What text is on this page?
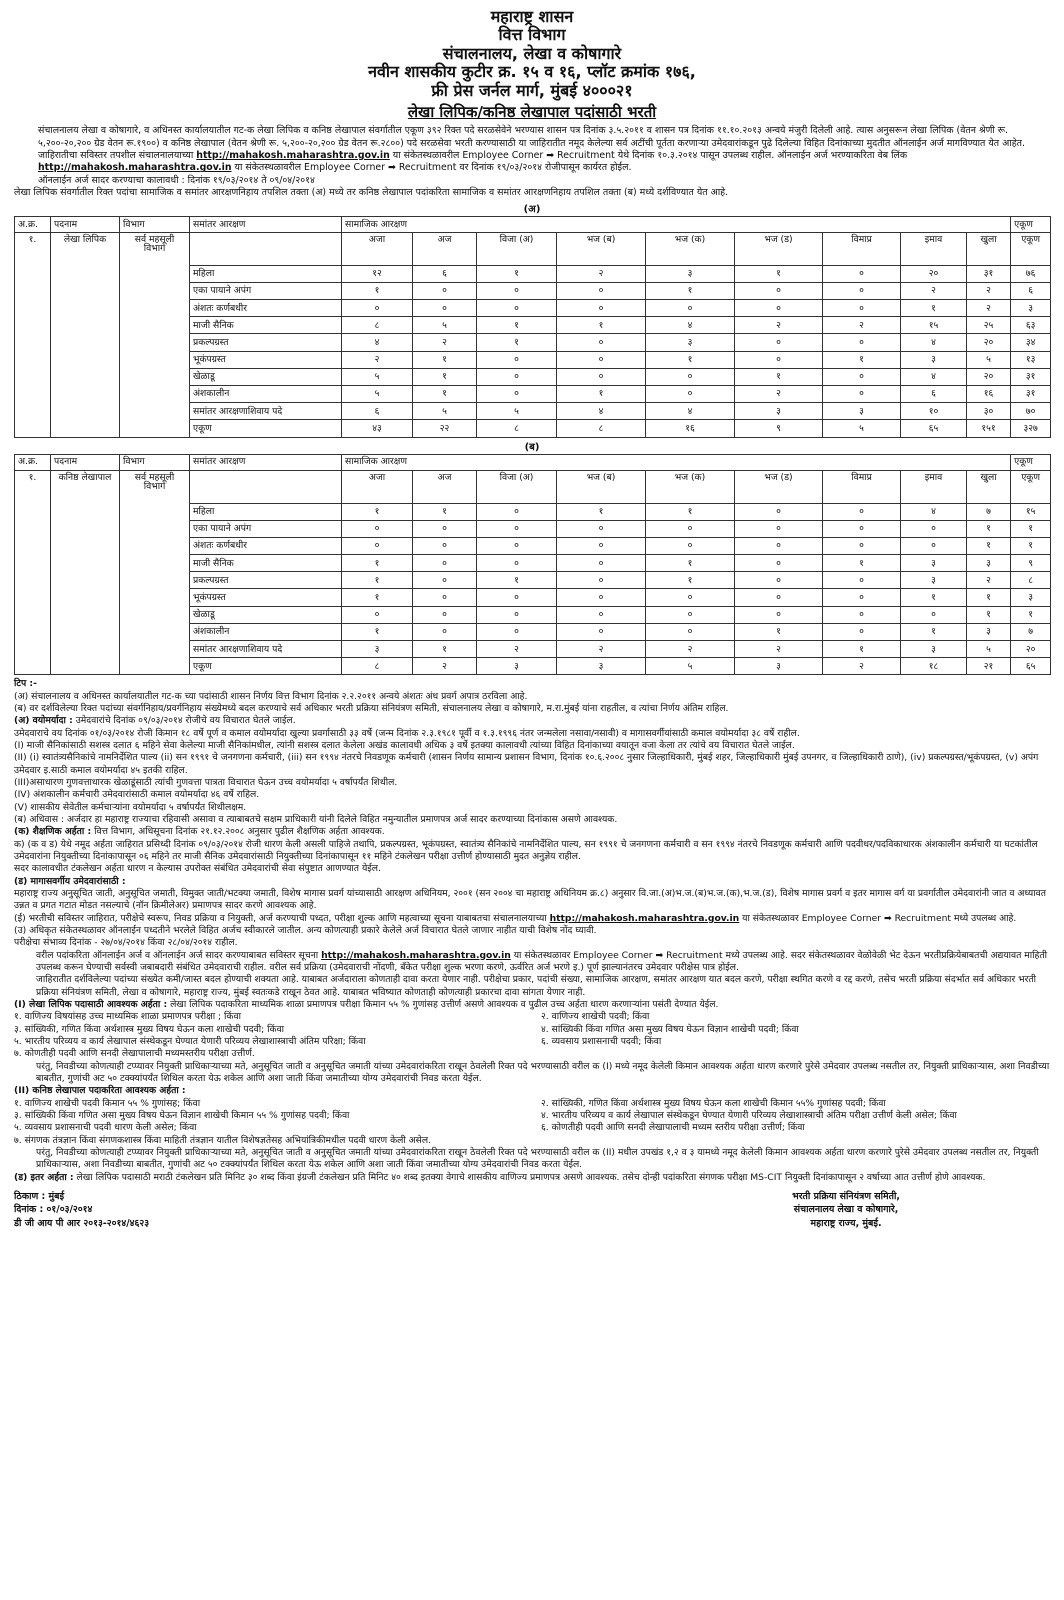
महाराष्ट्र शासन
वित्त विभाग
संचालनालय, लेखा व कोषागारे
नवीन शासकीय कुटीर क्र. १५ व १६, प्लॉट क्रमांक १७६,
फ्री प्रेस जर्नल मार्ग, मुंबई ४०००२१
लेखा लिपिक/कनिष्ठ लेखापाल पदांसाठी भरती

संचालनालय लेखा व कोषागारे, व अधिनस्त कार्यालयातील गट-क लेखा लिपिक व कनिष्ठ लेखापाल संवर्गातील एकूण ३९२ रिक्त पदे सरळसेवेने भरण्यास शासन पत्र दिनांक ३.५.२०११ व शासन पत्र दिनांक ११.१०.२०१३ अन्वये मंजुरी दिलेली आहे. त्यास अनुसरून लेखा लिपिक (वेतन श्रेणी रू. ५,२००-२०,२०० ग्रेड वेतन रू.१९००) व कनिष्ठ लेखापाल (वेतन श्रेणी रू. ५,२००-२०,२०० ग्रेड वेतन रू.२८००) पदे सरळसेवा भरती करण्यासाठी या जाहिरातीत नमूद केलेल्या सर्व अटींची पूर्तता करणाऱ्या उमेदवारांकडून पुढे दिलेल्या विहित दिनांकाच्या मुदतीत ऑनलाईन अर्ज मागविण्यात येत आहेत.

जाहिरातीचा सविस्तर तपशील संचालनालयाच्या http://mahakosh.maharashtra.gov.in या संकेतस्थळावरील Employee Corner ➡ Recruitment येथे दिनांक १०.३.२०१४ पासून उपलब्ध राहील. ऑनलाईन अर्ज भरण्याकरिता वेब लिंक http://mahakosh.maharashtra.gov.in या संकेतस्थळावरील Employee Corner ➡ Recruitment वर दिनांक १९/०३/२०१४ रोजीपासून कार्यरत होईल.

ऑनलाईन अर्ज सादर करण्याचा कालावधी : दिनांक १९/०३/२०१४ ते ०९/०४/२०१४

लेखा लिपिक संवर्गातील रिक्त पदांचा सामाजिक व समांतर आरक्षणनिहाय तपशिल तक्ता (अ) मध्ये तर कनिष्ठ लेखापाल पदांकरिता सामाजिक व समांतर आरक्षणनिहाय तपशिल तक्ता (ब) मध्ये दर्शविण्यात येत आहे.

(अ)
अ.क्र.	पदनाम	विभाग	समांतर आरक्षण	सामाजिक आरक्षण									एकूण
१.	लेखा लिपिक	सर्व महसूली विभाग		अजा	अज	विजा (अ)	भज (ब)	भज (क)	भज (ड)	विमाप्र	इमाव	खुला	एकूण
			महिला	१२	६	१	२	३	१	०	२०	३१	७६
			एका पायाने अपंग	१	०	०	०	१	०	०	२	२	६
			अंशतः कर्णबधीर	०	०	०	०	०	०	०	१	२	३
			माजी सैनिक	८	५	१	१	४	२	२	१५	२५	६३
			प्रकल्पग्रस्त	४	२	१	०	३	०	०	४	२०	३४
			भूकंपग्रस्त	२	१	०	०	१	०	१	३	५	१३
			खेळाडू	५	१	०	०	०	१	०	४	२०	३१
			अंशकालीन	५	१	०	१	०	२	०	६	१६	३१
			समांतर आरक्षणाशिवाय पदे	६	५	५	४	४	३	३	१०	३०	७०
			एकूण	४३	२२	८	८	१६	९	५	६५	१५१	३२७
(ब)
अ.क्र.	पदनाम	विभाग	समांतर आरक्षण	सामाजिक आरक्षण									एकूण
१.	कनिष्ठ लेखापाल	सर्व महसूली विभाग		अजा	अज	विजा (अ)	भज (ब)	भज (क)	भज (ड)	विमाप्र	इमाव	खुला	एकूण
			महिला	१	१	०	१	१	०	०	४	७	१५
			एका पायाने अपंग	०	०	०	०	०	०	०	०	१	१
			अंशतः कर्णबधीर	०	०	०	०	०	०	०	०	१	१
			माजी सैनिक	१	०	०	०	१	०	१	३	३	९
			प्रकल्पग्रस्त	१	०	१	०	१	०	०	३	२	८
			भूकंपग्रस्त	१	०	०	०	०	०	०	१	१	३
			खेळाडू	०	०	०	०	०	०	०	०	१	१
			अंशकालीन	१	०	०	०	०	१	०	१	३	७
			समांतर आरक्षणाशिवाय पदे	३	१	२	२	२	२	१	३	५	२०
			एकूण	८	२	३	३	५	३	२	१८	२१	६५

टिप :-

(अ) संचालनालय व अधिनस्त कार्यालयातील गट-क च्या पदांसाठी शासन निर्णय वित्त विभाग दिनांक २.२.२०११ अन्वये अंशतः अंध प्रवर्ग अपात्र ठरविला आहे.

(ब) वर दर्शविलेल्या रिक्त पदांच्या संवर्गनिहाय/प्रवर्गनिहाय संख्येमध्ये बदल करण्याचे सर्व अधिकार भरती प्रक्रिया संनियंत्रण समिती, संचालनालय लेखा व कोषागारे, म.रा.मुंबई यांना राहतील, व त्यांचा निर्णय अंतिम राहिल.

(अ) वयोमर्यादा : उमेदवारांचे दिनांक ०९/०३/२०१४ रोजीचे वय विचारात घेतले जाईल.

उमेदवाराचे वय दिनांक ०१/०३/२०१४ रोजी किमान १८ वर्षे पूर्ण व कमाल वयोमर्यादा खुल्या प्रवर्गासाठी ३३ वर्षे (जन्म दिनांक २.३.१९८१ पूर्वी व १.३.१९९६ नंतर जन्मलेला नसावा/नसावी) व मागासवर्गीयांसाठी कमाल वयोमर्यादा ३८ वर्षे राहील.

(I) माजी सैनिकांसाठी सशस्त्र दलात ६ महिने सेवा केलेल्या माजी सैनिकांमधील, त्यांनी सशस्त्र दलात केलेला अखंड कालावधी अधिक ३ वर्षे इतक्या कालावधी त्यांच्या विहित दिनांकाच्या वयातून वजा केला तर त्यांचे वय विचारात घेतले जाईल.

(II) (i) स्वातंत्र्यसैनिकांचे नामनिर्देशित पाल्य (ii) सन १९९१ चे जनगणना कर्मचारी, (iii) सन १९९४ नंतरचे निवडणूक कर्मचारी (शासन निर्णय सामान्य प्रशासन विभाग, दिनांक १०.६.२००८ नुसार जिल्हाधिकारी, मुंबई शहर, जिल्हाधिकारी मुंबई उपनगर, व जिल्हाधिकारी ठाणे), (iv) प्रकल्पग्रस्त/भूकंपग्रस्त, (v) अपंग उमेदवार इ.साठी कमाल वयोमर्यादा ४५ इतकी राहिल.

(III)असाधारण गुणवत्ताधारक खेळाडूंसाठी त्यांची गुणवत्ता पात्रता विचारात घेऊन उच्च वयोमर्यादा ५ वर्षापर्यंत शिथील.

(IV) अंशकालीन कर्मचारी उमेदवारांसाठी कमाल वयोमर्यादा ४६ वर्षे राहिल.

(V) शासकीय सेवेतील कर्मचाऱ्यांना वयोमर्यादा ५ वर्षापर्यंत शिथीलक्षम.

(ब) अधिवास : अर्जदार हा महाराष्ट्र राज्याचा रहिवासी असावा व त्याबाबतचे सक्षम प्राधिकारी यांनी दिलेले विहित नमुन्यातील प्रमाणपत्र अर्ज सादर करण्याच्या दिनांकास असणे आवश्यक.

(क) शैक्षणिक अर्हता : वित्त विभाग, अधिसूचना दिनांक २१.१२.२००८ अनुसार पुढील शैक्षणिक अर्हता आवश्यक.

क) (क व ड) येथे नमूद अर्हता जाहिरात प्रसिध्दी दिनांक ०९/०३/२०१४ रोजी धारण केली असली पाहिजे तथापि, प्रकल्पग्रस्त, भूकंपग्रस्त, स्वातंत्र्य सैनिकांचे नामनिर्देशित पाल्य, सन १९९१ चे जनगणना कर्मचारी व सन १९९४ नंतरचे निवडणूक कर्मचारी आणि पदवीधर/पदविकाधारक अंशकालीन कर्मचारी या घटकांतील उमेदवारांना नियुक्तीच्या दिनांकापासून ०६ महिने तर माजी सैनिक उमेदवारांसाठी नियुक्तीच्या दिनांकापासून ११ महिने टंकलेखन परीक्षा उत्तीर्ण होण्यासाठी मुदत अनुज्ञेय राहील.

सदर कालावधीत टंकलेखन अर्हता धारण न केल्यास उपरोक्त संबंधित उमेदवारांची सेवा संपुष्टात आणण्यात येईल.

(ड) मागासवर्गीय उमेदवारांसाठी :

महाराष्ट्र राज्य अनुसूचित जाती, अनुसूचित जमाती, विमुक्त जाती/भटक्या जमाती, विशेष मागास प्रवर्ग यांच्यासाठी आरक्षण अधिनियम, २००१ (सन २००४ चा महाराष्ट्र अधिनियम क्र.८) अनुसार वि.जा.(अ)भ.ज.(ब)भ.ज.(क),भ.ज.(ड), विशेष मागास प्रवर्ग व इतर मागास वर्ग या प्रवर्गातील उमेदवारांनी जात व अध्यावत उन्नत व प्रगत गटात मोडत नसल्याचे (नॉन क्रिमीलेअर) प्रमाणपत्र सादर करणे आवश्यक आहे.

(ई) भरतीची सविस्तर जाहिरात, परीक्षेचे स्वरूप, निवड प्रक्रिया व नियुक्ती, अर्ज करण्याची पध्दत, परीक्षा शुल्क आणि महत्वाच्या सूचना याबाबतचा संचालनालयाच्या http://mahakosh.maharashtra.gov.in या संकेतस्थळावर Employee Corner ➡ Recruitment मध्ये उपलब्ध आहे.

(उ) अधिकृत संकेतस्थळावर ऑनलाईन पध्दतीने भरलेले विहित अर्जच स्वीकारले जातील. अन्य कोणत्याही प्रकारे केलेले अर्ज विचारात घेतले जाणार नाहीत याची विशेष नोंद घ्यावी.

परीक्षेचा संभाव्य दिनांक - २७/०४/२०१४ किंवा २८/०४/२०१४ राहील.

वरील पदांकरिता ऑनलाईन अर्ज व ऑनलाईन अर्ज सादर करण्याबाबत सविस्तर सूचना http://mahakosh.maharashtra.gov.in या संकेतस्थळावर Employee Corner ➡ Recruitment मध्ये उपलब्ध आहे. सदर संकेतस्थळावर वेळोवेळी भेट देऊन भरतीप्रक्रियेबाबतची अद्ययावत माहिती उपलब्ध करून घेण्याची सर्वस्वी जबाबदारी संबंधित उमेदवाराची राहील. वरील सर्व प्रक्रिया (उमेदवाराची नोंदणी, बँकेत परीक्षा शुल्क भरणा करणे, ऊर्वरित अर्ज भरणे इ.) पूर्ण झाल्यानंतरच उमेदवार परीक्षेस पात्र होईल.

जाहिरातीत दर्शविलेल्या पदांच्या संख्येत कमी/जास्त बदल होण्याची शक्यता आहे. याबाबत अर्जदाराला कोणताही दावा करता येणार नाही. परीक्षेचा प्रकार, पदांची संख्या, सामाजिक आरक्षण, समांतर आरक्षण यात बदल करणे, परीक्षा स्थगित करणे व रद्द करणे, तसेच भरती प्रक्रिया संदर्भात सर्व अधिकार भरती प्रक्रिया संनियंत्रण समिती, लेखा व कोषागारे, महाराष्ट्र राज्य, मुंबई स्वतःकडे राखून ठेवत आहे. याबाबत भविष्यात कोणताही कोणत्याही प्रकारचा दावा सांगता येणार नाही.

(I) लेखा लिपिक पदासाठी आवश्यक अर्हता : लेखा लिपिक पदाकरिता माध्यमिक शाळा प्रमाणपत्र परीक्षा किमान ५५ % गुणांसह उत्तीर्ण असणे आवश्यक व पुढील उच्च अर्हता धारण करणाऱ्यांना पसंती देण्यात येईल.

१. वाणिज्य विषयांसह उच्च माध्यमिक शाळा प्रमाणपत्र परीक्षा ; किंवा	२. वाणिज्य शाखेची पदवी; किंवा
३. सांख्यिकी, गणित किंवा अर्थशास्त्र मुख्य विषय घेऊन कला शाखेची पदवी; किंवा	४. सांख्यिकी किंवा गणित असा मुख्य विषय घेऊन विज्ञान शाखेची पदवी; किंवा
५. भारतीय परिव्यय व कार्य लेखापाल संस्थेकडून घेण्यात येणारी परिव्यय लेखाशास्त्राची अंतिम परिक्षा; किंवा	६. व्यवसाय प्रशासनाची पदवी; किंवा
७. कोणतीही पदवी आणि सनदी लेखापालाची मध्यमस्तरीय परीक्षा उत्तीर्ण.

परंतु, निवडीच्या कोणत्याही टप्प्यावर नियुक्ती प्राधिकाऱ्याच्या मते, अनुसूचित जाती व अनुसूचित जमाती यांच्या उमेदवारांकरिता राखून ठेवलेली रिक्त पदे भरण्यासाठी वरील क (I) मध्ये नमूद केलेली किमान आवश्यक अर्हता धारण करणारे पुरेसे उमेदवार उपलब्ध नसतील तर, नियुक्ती प्राधिकाऱ्यास, अशा निवडीच्या बाबतीत, गुणांची अट ५० टक्क्यांपर्यंत शिथिल करता येऊ शकेल आणि अशा जाती किंवा जमातीच्या योग्य उमेदवारांची निवड करता येईल.

(II) कनिष्ठ लेखापाल पदाकरिता आवश्यक अर्हता :

१. वाणिज्य शाखेची पदवी किमान ५५ % गुणांसह; किंवा	२. सांख्यिकी, गणित किंवा अर्थशास्त्र मुख्य विषय घेऊन कला शाखेची किमान ५५% गुणांसह पदवी; किंवा
३. सांख्यिकी किंवा गणित असा मुख्य विषय घेऊन विज्ञान शाखेची किमान ५५ % गुणांसह पदवी; किंवा	४. भारतीय परिव्यय व कार्य लेखापाल संस्थेकडून घेण्यात येणारी परिव्यय लेखाशास्त्राची अंतिम परीक्षा उत्तीर्ण केली असेल; किंवा
५. व्यवसाय प्रशासनाची पदवी धारण केली असेल; किंवा	६. कोणतीही पदवी आणि सनदी लेखापालाची मध्यम स्तरीय परीक्षा उत्तीर्ण; किंवा

७. संगणक तंत्रज्ञान किंवा संगणकशास्त्र किंवा माहिती तंत्रज्ञान यातील विशेषज्ञतेसह अभियांत्रिकीमधील पदवी धारण केली असेल.

परंतु, निवडीच्या कोणत्याही टप्प्यावर नियुक्ती प्राधिकाऱ्याच्या मते, अनुसूचित जाती व अनुसूचित जमाती यांच्या उमेदवारांकरिता राखून ठेवलेली रिक्त पदे भरण्यासाठी वरील क (II) मधील उपखंड १,२ व ३ यामध्ये नमूद केलेली किमान आवश्यक अर्हता धारण करणारे पुरेसे उमेदवार उपलब्ध नसतील तर, नियुक्ती प्राधिकाऱ्यास, अशा निवडीच्या बाबतीत, गुणांची अट ५० टक्क्यांपर्यंत शिथिल करता येऊ शकेल आणि अशा जाती किंवा जमातीच्या योग्य उमेदवारांची निवड करता येईल.

(ड) इतर अर्हता : लेखा लिपिक पदासाठी मराठी टंकलेखन प्रति मिनिट ३० शब्द किंवा इंग्रजी टंकलेखन प्रति मिनिट ४० शब्द इतक्या वेगाचे शासकीय वाणिज्य प्रमाणपत्र असणे आवश्यक. तसेच दोन्ही पदांकरिता संगणक परीक्षा MS-CIT नियुक्ती दिनांकापासून २ वर्षाच्या आत उत्तीर्ण होणे आवश्यक.

ठिकाण : मुंबई
दिनांक : ०१/०३/२०१४
डी जी आय पी आर २०१३-२०१४/४६२३
भरती प्रक्रिया संनियंत्रण समिती,
संचालनालय लेखा व कोषागारे,
महाराष्ट्र राज्य, मुंबई.
